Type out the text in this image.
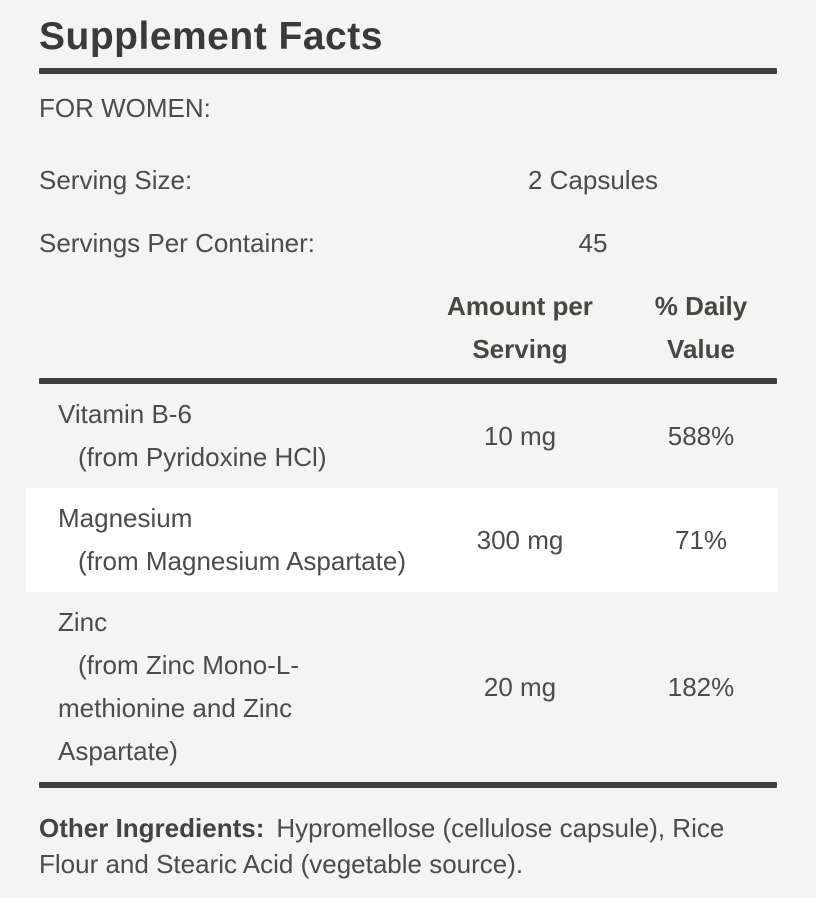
Supplement Facts
FOR WOMEN:
Serving Size:	2 Capsules
Servings Per Container:	45
Amount per
Serving
% Daily
Value
Vitamin B-6
(from Pyridoxine HCl)
10 mg	588%
Magnesium
(from Magnesium Aspartate)
300 mg	71%
Zinc
(from Zinc Mono-L-
methionine and Zinc
Aspartate)
20 mg	182%

Other Ingredients: Hypromellose (cellulose capsule), Rice Flour and Stearic Acid (vegetable source).
